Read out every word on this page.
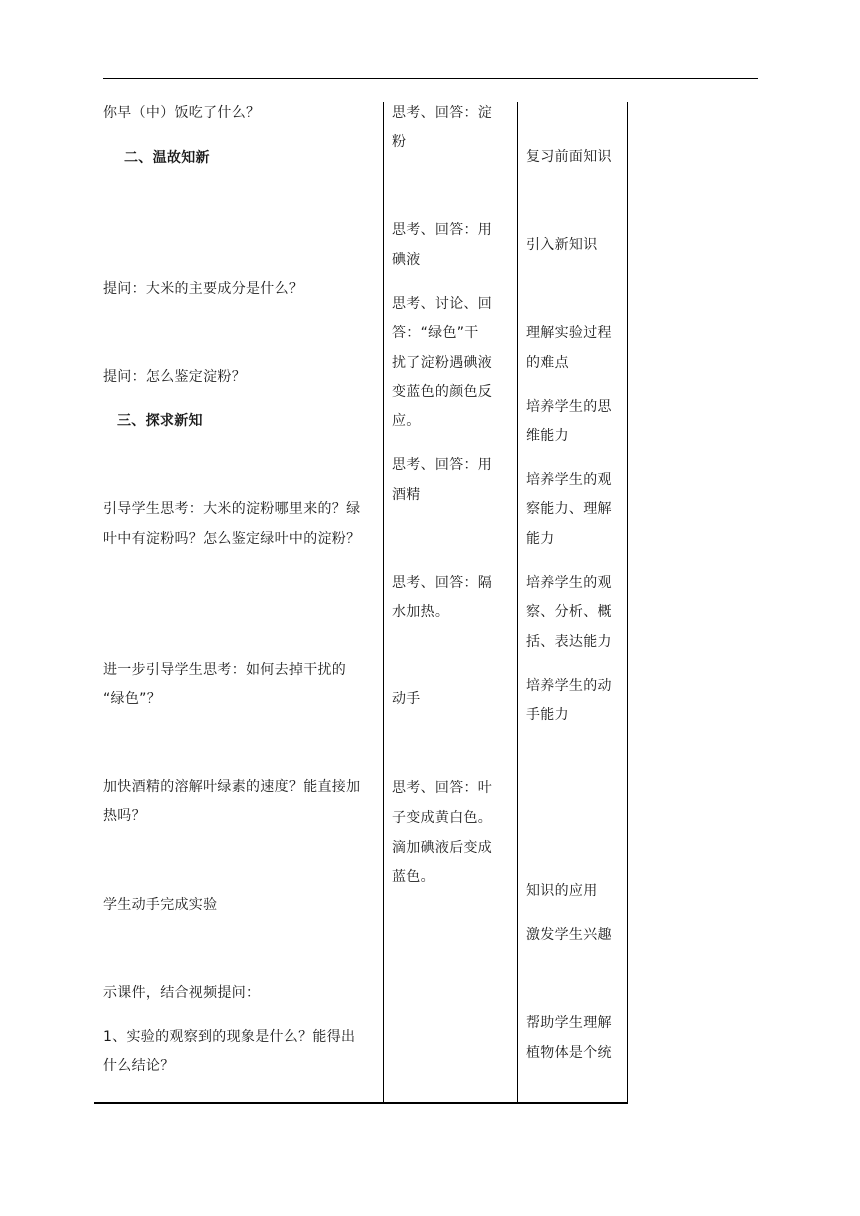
你早（中）饭吃了什么？
二、温故知新
提问：大米的主要成分是什么？
提问：怎么鉴定淀粉？
三、探求新知
引导学生思考：大米的淀粉哪里来的？绿
叶中有淀粉吗？怎么鉴定绿叶中的淀粉？
进一步引导学生思考：如何去掉干扰的
“绿色”？
加快酒精的溶解叶绿素的速度？能直接加
热吗？
学生动手完成实验
示课件，结合视频提问：
1、实验的观察到的现象是什么？能得出
什么结论？
思考、回答：淀
粉
思考、回答：用
碘液
思考、讨论、回
答：“绿色”干
扰了淀粉遇碘液
变蓝色的颜色反
应。
思考、回答：用
酒精
思考、回答：隔
水加热。
动手
思考、回答：叶
子变成黄白色。
滴加碘液后变成
蓝色。
复习前面知识
引入新知识
理解实验过程
的难点
培养学生的思
维能力
培养学生的观
察能力、理解
能力
培养学生的观
察、分析、概
括、表达能力
培养学生的动
手能力
知识的应用
激发学生兴趣
帮助学生理解
植物体是个统
